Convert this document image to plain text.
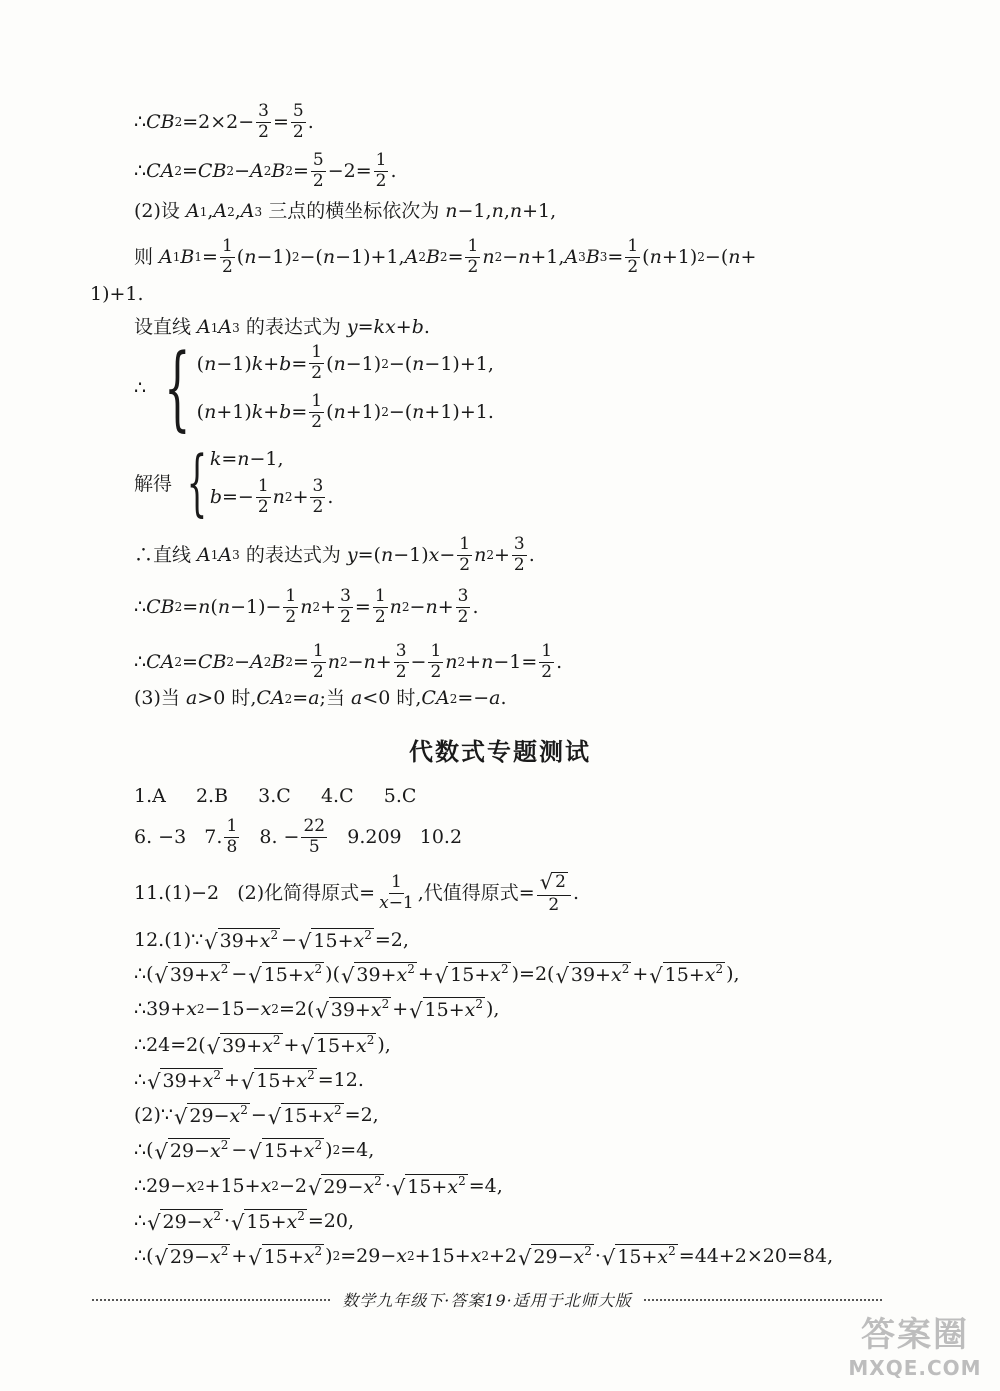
∴ CB $2 =2\times 2- \frac{3}{2} = \frac{5}{2}$ .
∴ CA 2 = CB 2 − A 2 B $2 = \frac{5}{2} -2= \frac{1}{2}$ .
(2)设 A 1 , A 2 , A 3 三点的横坐标依次为 n −1, n , n +1,
则 A 1 B $1 = \frac{1}{2}$ ( n −1) 2 −( n −1)+1, A 2 B $2 = \frac{1}{2}$ n 2 − n +1, A 3 B $3 = \frac{1}{2}$ ( n +1) 2 −( n +
1)+1.
设直线 A 1 A 3 的表达式为 y = kx + b .
∴ { ( n −1) $k + b = \frac{1}{2}$ ( n −1) 2 −( n −1)+1,
( n +1) $k + b = \frac{1}{2}$ ( n +1) 2 −( n +1)+1.
解得 { k = n −1,
$b =- \frac{1}{2}$ n $2 + \frac{3}{2}$ .
∴直线 A 1 A 3 的表达式为 y =( n −1) $x - \frac{1}{2}$ n $2 + \frac{3}{2}$ .
∴ CB 2 = n ( $n -1)- \frac{1}{2}$ n $2 + \frac{3}{2} = \frac{1}{2}$ n $2 - n + \frac{3}{2}$ .
∴ CA 2 = CB 2 − A 2 B $2 = \frac{1}{2}$ n $2 - n + \frac{3}{2} - \frac{1}{2}$ n $2 + n -1= \frac{1}{2}$ .
(3)当 a >0 时, CA 2 = a ;当 a <0 时, CA 2 =− a .
代数式专题测试
1.A   2.B   3.C   4.C   5.C
6. −3   7. $\frac{1}{8} 8$. − $\frac{22}{5} 9.209$   10.2
11.(1)−2   (2)化简得原式= $\frac{1}{x-1}$ ,代值得原式= $\frac{√ 2}{2}$ .
12.(1)∵ √ $39+x^2$ − √ $15+x^2 =2$,
∴( √ $39+x^2$ − √ $15+x^2$ )( √ $39+x^2$ + √ $15+x^2$ )=2( √ $39+x^2$ + √ $15+x^2$ ),
∴39+ x 2 −15− x 2 =2( √ $39+x^2$ + √ $15+x^2$ ),
∴24=2( √ $39+x^2$ + √ $15+x^2$ ),
∴ √ $39+x^2$ + √ $15+x^2 =12$.
(2)∵ √ $29-x^2$ − √ $15+x^2 =2$,
∴( √ $29-x^2$ − √ $15+x^2$ ) 2 =4,
∴29− x 2 +15+ x 2 −2 √ $29-x^2$ · √ $15+x^2 =4$,
∴ √ $29-x^2$ · √ $15+x^2 =20$,
∴( √ $29-x^2$ + √ $15+x^2$ ) 2 =29− x 2 +15+ x 2 +2 √ $29-x^2$ · √ $15+x^2 =44+2\times 20=84$,
数学九年级下·答案19·适用于北师大版
答案圈
MXQE.COM
